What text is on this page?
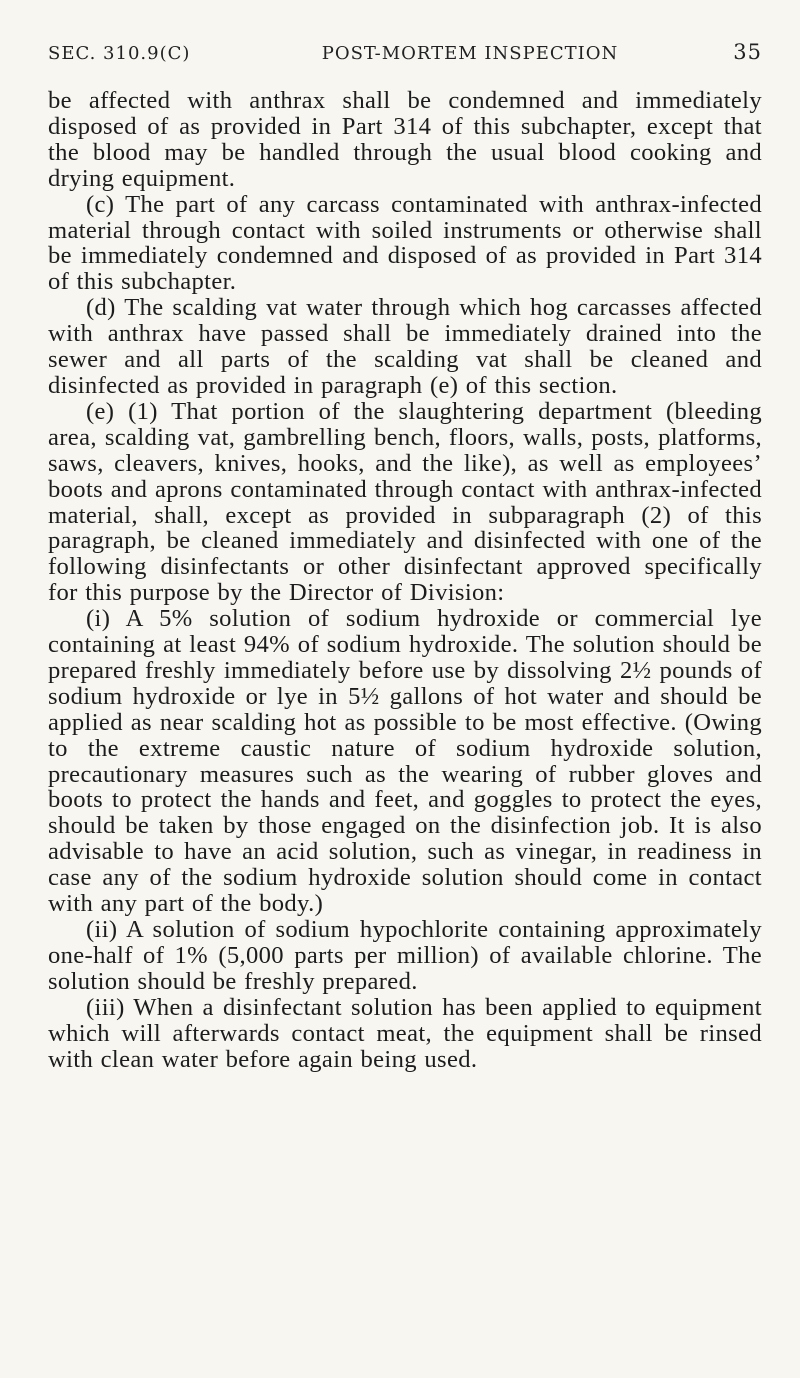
SEC. 310.9(C)	POST-MORTEM INSPECTION	35

be affected with anthrax shall be condemned and immediately disposed of as provided in Part 314 of this subchapter, except that the blood may be handled through the usual blood cooking and drying equipment.

(c) The part of any carcass contaminated with anthrax-infected material through contact with soiled instruments or otherwise shall be immediately condemned and disposed of as provided in Part 314 of this subchapter.

(d) The scalding vat water through which hog carcasses affected with anthrax have passed shall be immediately drained into the sewer and all parts of the scalding vat shall be cleaned and disinfected as provided in paragraph (e) of this section.

(e) (1) That portion of the slaughtering department (bleeding area, scalding vat, gambrelling bench, floors, walls, posts, platforms, saws, cleavers, knives, hooks, and the like), as well as employees’ boots and aprons contaminated through contact with anthrax-infected material, shall, except as provided in subparagraph (2) of this paragraph, be cleaned immediately and disinfected with one of the following disinfectants or other disinfectant approved specifically for this purpose by the Director of Division:

(i) A 5% solution of sodium hydroxide or commercial lye containing at least 94% of sodium hydroxide. The solution should be prepared freshly immediately before use by dissolving 2½ pounds of sodium hydroxide or lye in 5½ gallons of hot water and should be applied as near scalding hot as possible to be most effective. (Owing to the extreme caustic nature of sodium hydroxide solution, precautionary measures such as the wearing of rubber gloves and boots to protect the hands and feet, and goggles to protect the eyes, should be taken by those engaged on the disinfection job. It is also advisable to have an acid solution, such as vinegar, in readiness in case any of the sodium hydroxide solution should come in contact with any part of the body.)

(ii) A solution of sodium hypochlorite containing approximately one-half of 1% (5,000 parts per million) of available chlorine. The solution should be freshly prepared.

(iii) When a disinfectant solution has been applied to equipment which will afterwards contact meat, the equipment shall be rinsed with clean water before again being used.
